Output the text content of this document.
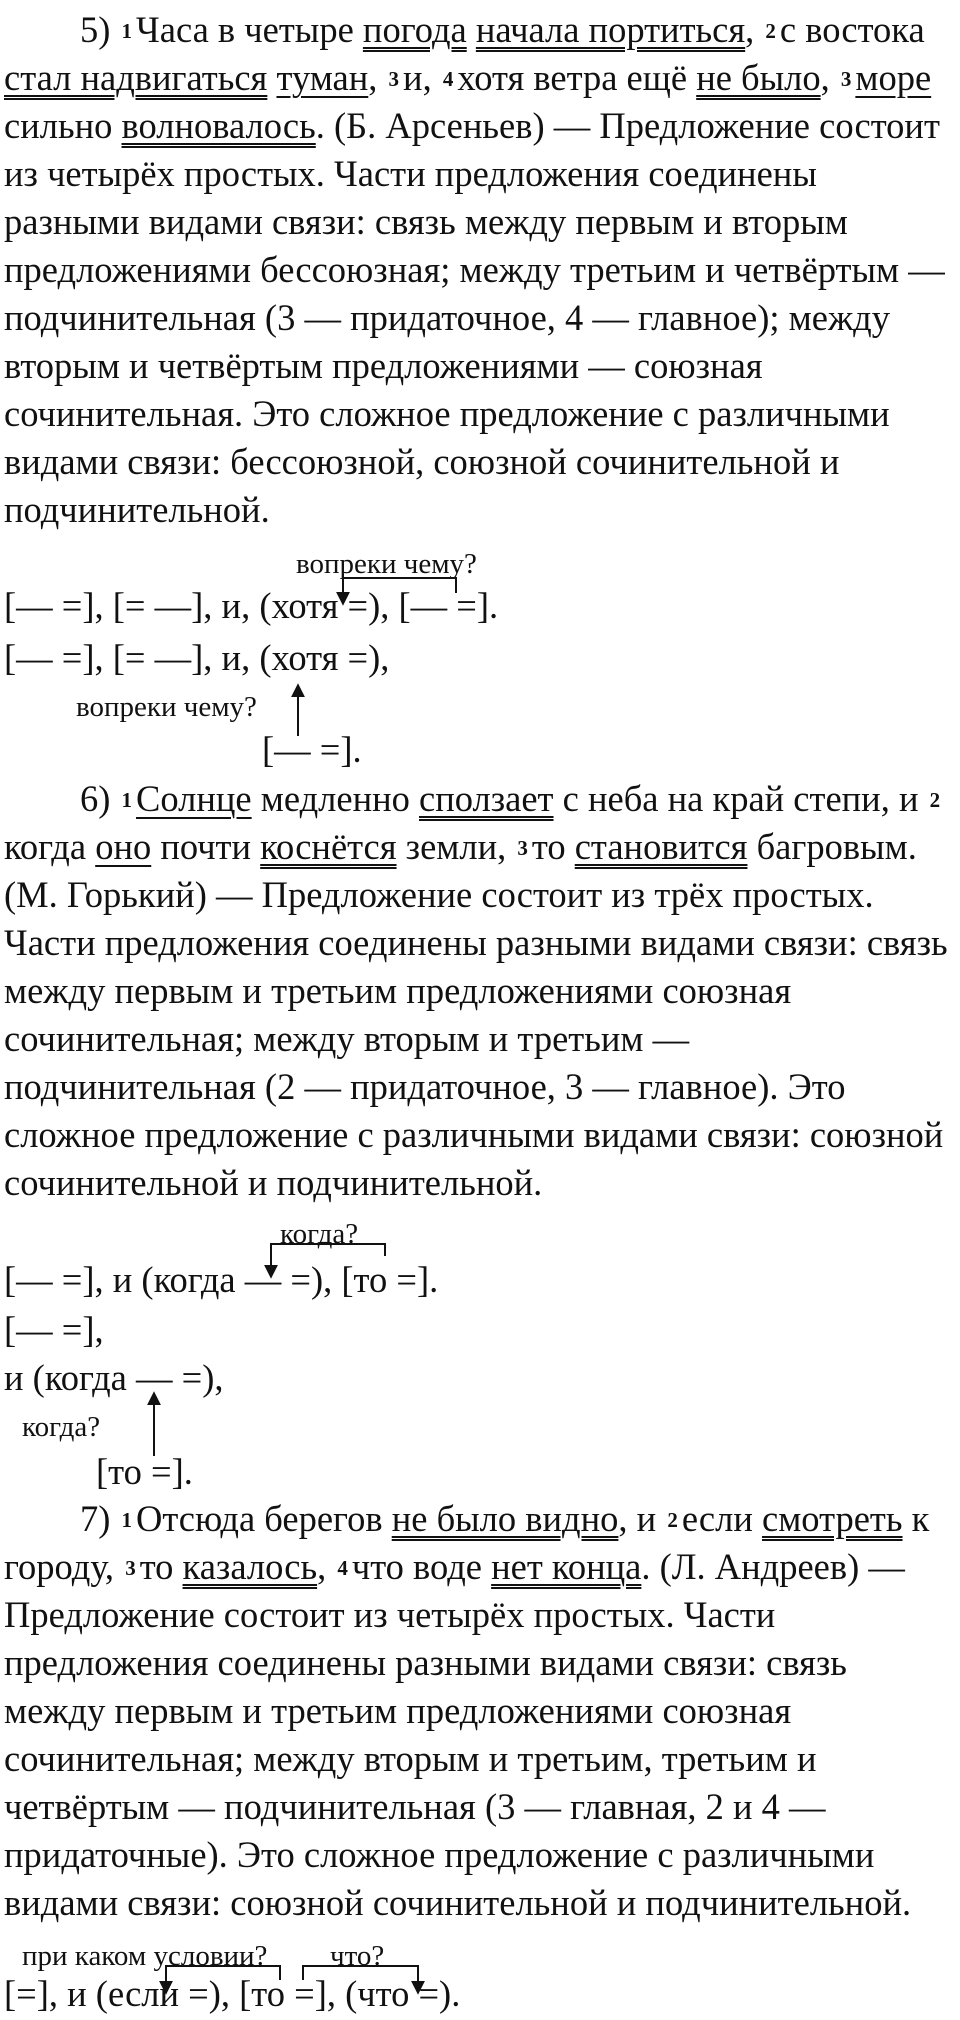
5) 1 Часа в четыре погода начала портиться, 2 с востока
стал надвигаться туман, 3 и, 4 хотя ветра ещё не было, 3 море
сильно волновалось. (Б. Арсеньев) — Предложение состоит
из четырёх простых. Части предложения соединены
разными видами связи: связь между первым и вторым
предложениями бессоюзная; между третьим и четвёртым —
подчинительная (3 — придаточное, 4 — главное); между
вторым и четвёртым предложениями — союзная
сочинительная. Это сложное предложение с различными
видами связи: бессоюзной, союзной сочинительной и
подчинительной.
вопреки чему?
[— =], [= —], и, (хотя =), [— =].
[— =], [= —], и, (хотя =),
вопреки чему?
[— =].
6) 1 Солнце медленно сползает с неба на край степи, и 2
когда оно почти коснётся земли, 3 то становится багровым.
(М. Горький) — Предложение состоит из трёх простых.
Части предложения соединены разными видами связи: связь
между первым и третьим предложениями союзная
сочинительная; между вторым и третьим —
подчинительная (2 — придаточное, 3 — главное). Это
сложное предложение с различными видами связи: союзной
сочинительной и подчинительной.
когда?
[— =], и (когда — =), [то =].
[— =],
и (когда — =),
когда?
[то =].
7) 1 Отсюда берегов не было видно, и 2 если смотреть к
городу, 3 то казалось, 4 что воде нет конца. (Л. Андреев) —
Предложение состоит из четырёх простых. Части
предложения соединены разными видами связи: связь
между первым и третьим предложениями союзная
сочинительная; между вторым и третьим, третьим и
четвёртым — подчинительная (3 — главная, 2 и 4 —
придаточные). Это сложное предложение с различными
видами связи: союзной сочинительной и подчинительной.
при каком условии? что?
[=], и (если =), [то =], (что =).
